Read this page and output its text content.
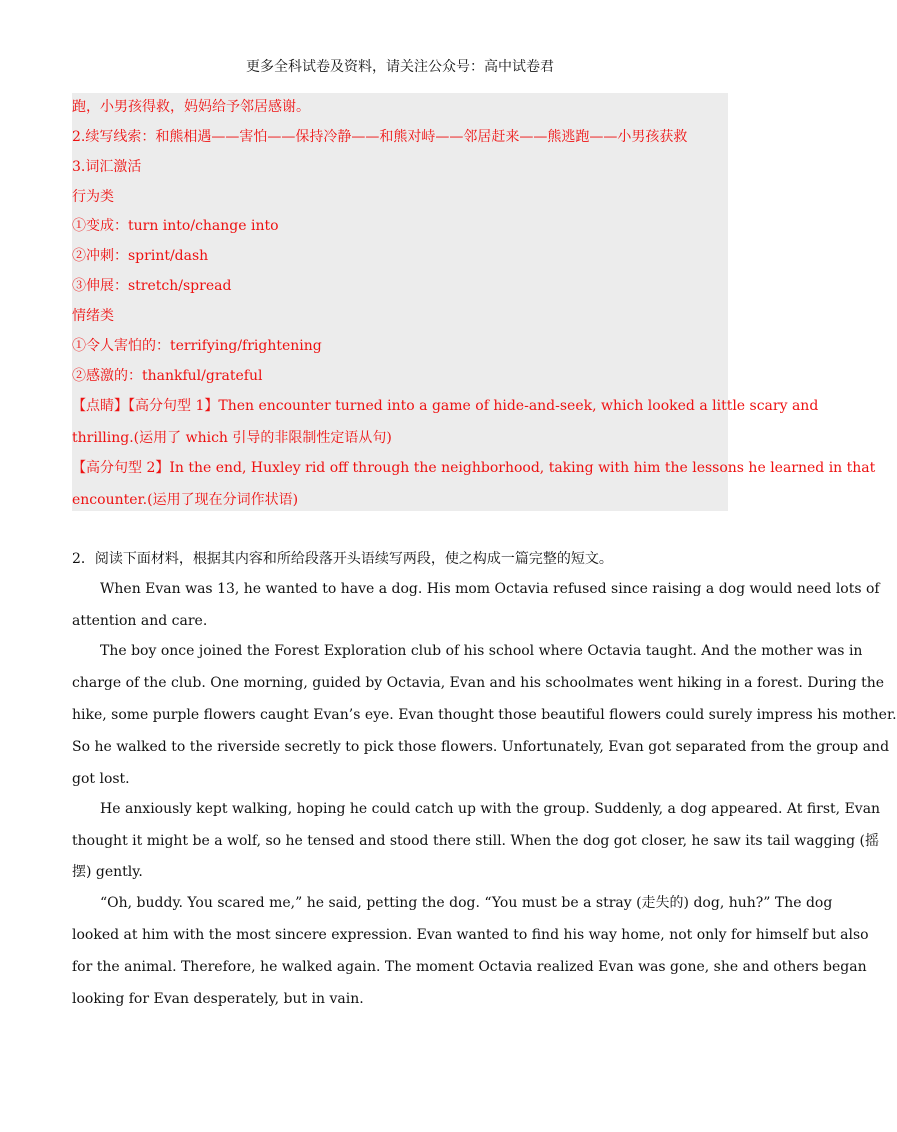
更多全科试卷及资料，请关注公众号：高中试卷君
跑，小男孩得救，妈妈给予邻居感谢。
2.续写线索：和熊相遇——害怕——保持冷静——和熊对峙——邻居赶来——熊逃跑——小男孩获救
3.词汇激活
行为类
①变成：turn into/change into
②冲刺：sprint/dash
③伸展：stretch/spread
情绪类
①令人害怕的：terrifying/frightening
②感激的：thankful/grateful
【点睛】【高分句型 1】Then encounter turned into a game of hide-and-seek, which looked a little scary and
thrilling.(运用了 which 引导的非限制性定语从句)
【高分句型 2】In the end, Huxley rid off through the neighborhood, taking with him the lessons he learned in that
encounter.(运用了现在分词作状语)
2．阅读下面材料，根据其内容和所给段落开头语续写两段，使之构成一篇完整的短文。
When Evan was 13, he wanted to have a dog. His mom Octavia refused since raising a dog would need lots of
attention and care.
The boy once joined the Forest Exploration club of his school where Octavia taught. And the mother was in
charge of the club. One morning, guided by Octavia, Evan and his schoolmates went hiking in a forest. During the
hike, some purple flowers caught Evan’s eye. Evan thought those beautiful flowers could surely impress his mother.
So he walked to the riverside secretly to pick those flowers. Unfortunately, Evan got separated from the group and
got lost.
He anxiously kept walking, hoping he could catch up with the group. Suddenly, a dog appeared. At first, Evan
thought it might be a wolf, so he tensed and stood there still. When the dog got closer, he saw its tail wagging (摇
摆) gently.
“Oh, buddy. You scared me,” he said, petting the dog. “You must be a stray (走失的) dog, huh?” The dog
looked at him with the most sincere expression. Evan wanted to find his way home, not only for himself but also
for the animal. Therefore, he walked again. The moment Octavia realized Evan was gone, she and others began
looking for Evan desperately, but in vain.
